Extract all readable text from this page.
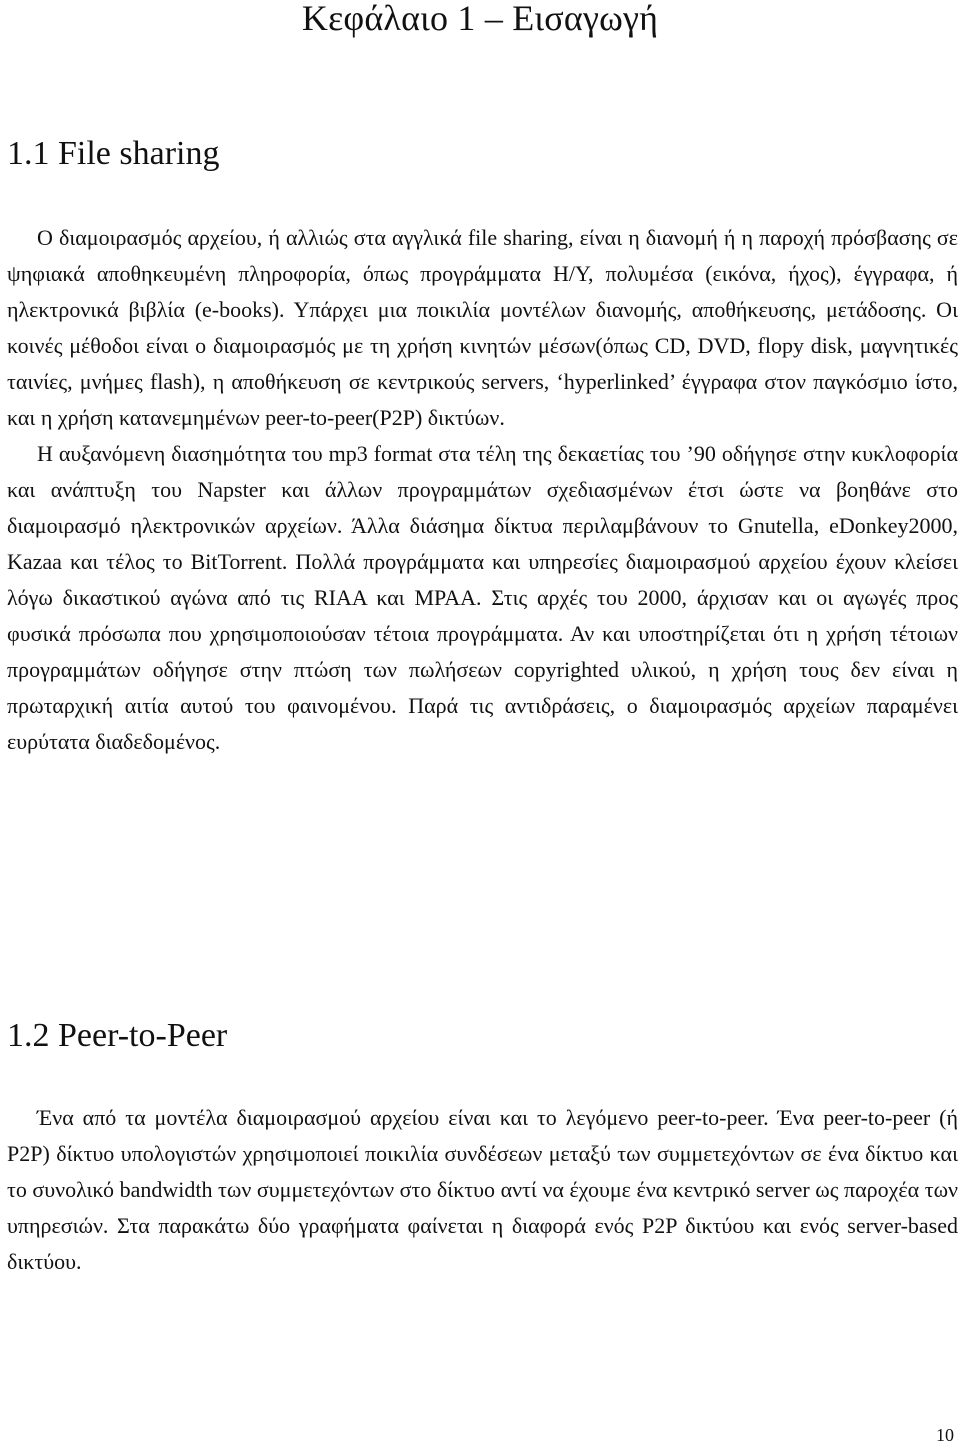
Κεφάλαιο 1 – Εισαγωγή
1.1 File sharing

Ο διαμοιρασμός αρχείου, ή αλλιώς στα αγγλικά file sharing, είναι η διανομή ή η παροχή πρόσβασης σε ψηφιακά αποθηκευμένη πληροφορία, όπως προγράμματα Η/Υ, πολυμέσα (εικόνα, ήχος), έγγραφα, ή ηλεκτρονικά βιβλία (e-books). Υπάρχει μια ποικιλία μοντέλων διανομής, αποθήκευσης, μετάδοσης. Οι κοινές μέθοδοι είναι ο διαμοιρασμός με τη χρήση κινητών μέσων(όπως CD, DVD, flopy disk, μαγνητικές ταινίες, μνήμες flash), η αποθήκευση σε κεντρικούς servers, ‘hyperlinked’ έγγραφα στον παγκόσμιο ίστο, και η χρήση κατανεμημένων peer-to-peer(P2P) δικτύων.

Η αυξανόμενη διασημότητα του mp3 format στα τέλη της δεκαετίας του ’90 οδήγησε στην κυκλοφορία και ανάπτυξη του Napster και άλλων προγραμμάτων σχεδιασμένων έτσι ώστε να βοηθάνε στο διαμοιρασμό ηλεκτρονικών αρχείων. Άλλα διάσημα δίκτυα περιλαμβάνουν το Gnutella, eDonkey2000, Kazaa και τέλος το BitTorrent. Πολλά προγράμματα και υπηρεσίες διαμοιρασμού αρχείου έχουν κλείσει λόγω δικαστικού αγώνα από τις RIAA και MPAA. Στις αρχές του 2000, άρχισαν και οι αγωγές προς φυσικά πρόσωπα που χρησιμοποιούσαν τέτοια προγράμματα. Αν και υποστηρίζεται ότι η χρήση τέτοιων προγραμμάτων οδήγησε στην πτώση των πωλήσεων copyrighted υλικού, η χρήση τους δεν είναι η πρωταρχική αιτία αυτού του φαινομένου. Παρά τις αντιδράσεις, ο διαμοιρασμός αρχείων παραμένει ευρύτατα διαδεδομένος.

1.2 Peer-to-Peer

Ένα από τα μοντέλα διαμοιρασμού αρχείου είναι και το λεγόμενο peer-to-peer. Ένα peer-to-peer (ή P2P) δίκτυο υπολογιστών χρησιμοποιεί ποικιλία συνδέσεων μεταξύ των συμμετεχόντων σε ένα δίκτυο και το συνολικό bandwidth των συμμετεχόντων στο δίκτυο αντί να έχουμε ένα κεντρικό server ως παροχέα των υπηρεσιών. Στα παρακάτω δύο γραφήματα φαίνεται η διαφορά ενός P2P δικτύου και ενός server-based δικτύου.

10
